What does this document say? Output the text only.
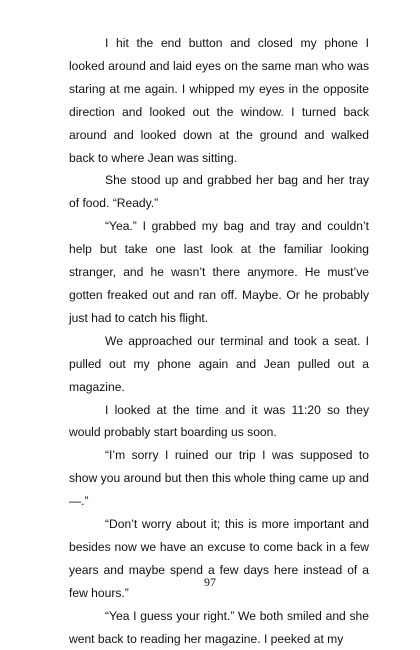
I hit the end button and closed my phone I looked around and laid eyes on the same man who was staring at me again. I whipped my eyes in the opposite direction and looked out the window. I turned back around and looked down at the ground and walked back to where Jean was sitting.

She stood up and grabbed her bag and her tray of food. “Ready.”

“Yea.” I grabbed my bag and tray and couldn’t help but take one last look at the familiar looking stranger, and he wasn’t there anymore. He must’ve gotten freaked out and ran off. Maybe. Or he probably just had to catch his flight.

We approached our terminal and took a seat. I pulled out my phone again and Jean pulled out a magazine.

I looked at the time and it was 11:20 so they would probably start boarding us soon.

“I’m sorry I ruined our trip I was supposed to show you around but then this whole thing came up and—.”

“Don’t worry about it; this is more important and besides now we have an excuse to come back in a few years and maybe spend a few days here instead of a few hours.”

“Yea I guess your right.” We both smiled and she went back to reading her magazine. I peeked at my

97
